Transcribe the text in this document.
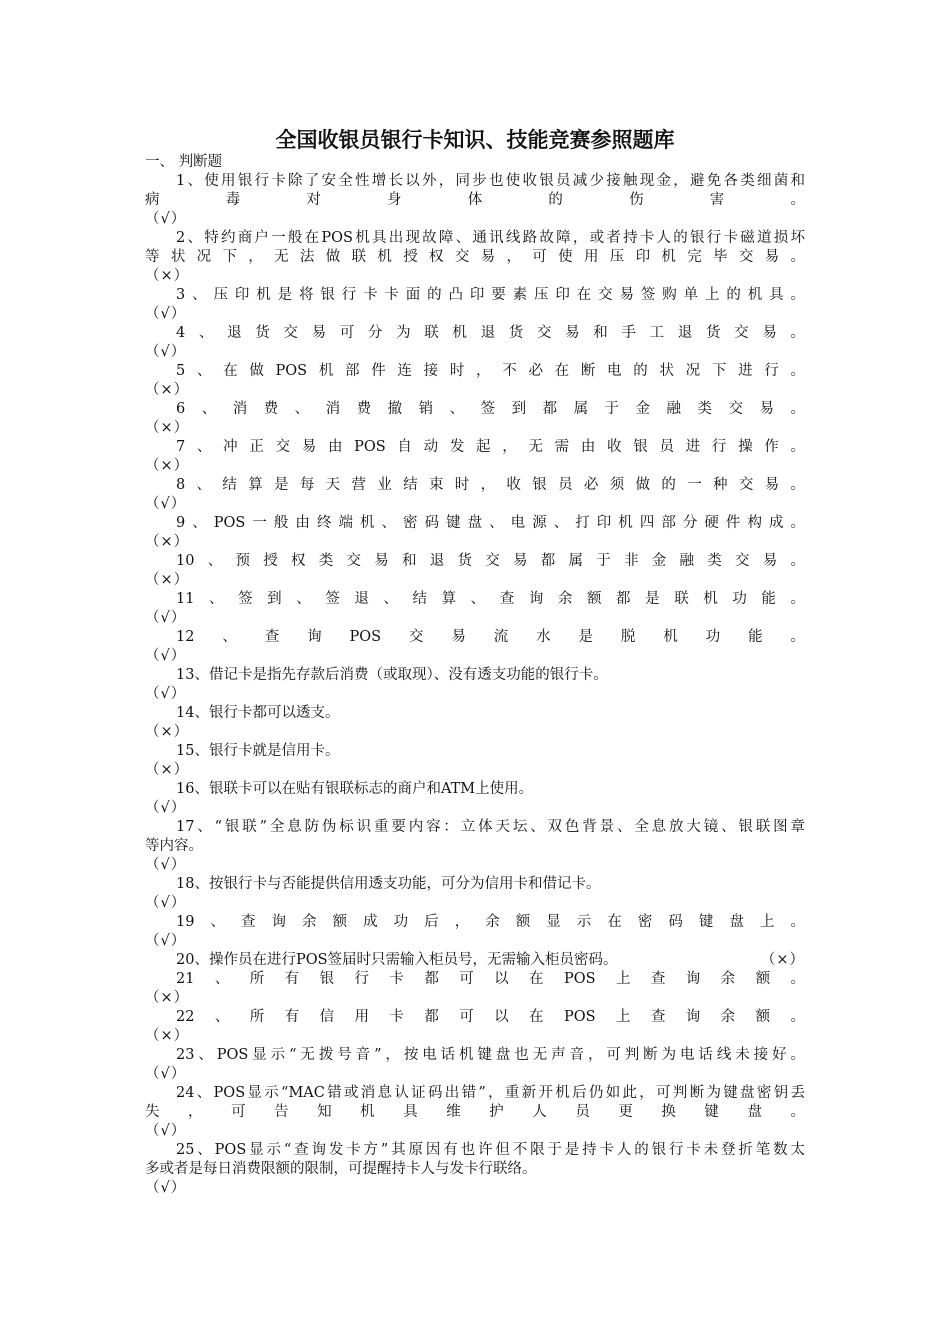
全国收银员银行卡知识、技能竞赛参照题库
一、 判断题
1、使用银行卡除了安全性增长以外，同步也使收银员减少接触现金，避免各类细菌和
病 毒 对 身 体 的 伤 害 。
（√）
2、特约商户一般在POS机具出现故障、通讯线路故障，或者持卡人的银行卡磁道损坏
等状况下，无法做联机授权交易，可使用压印机完毕交易。
（×）
3、压印机是将银行卡卡面的凸印要素压印在交易签购单上的机具。
（√）
4、退货交易可分为联机退货交易和手工退货交易。
（√）
5、在做POS机部件连接时，不必在断电的状况下进行。
（×）
6、消费、消费撤销、签到都属于金融类交易。
（×）
7、冲正交易由POS自动发起，无需由收银员进行操作。
（×）
8、结算是每天营业结束时，收银员必须做的一种交易。
（√）
9、POS一般由终端机、密码键盘、电源、打印机四部分硬件构成。
（×）
10、预授权类交易和退货交易都属于非金融类交易。
（×）
11、签到、签退、结算、查询余额都是联机功能。
（√）
12、查询POS交易流水是脱机功能。
（√）
13、借记卡是指先存款后消费（或取现）、没有透支功能的银行卡。
（√）
14、银行卡都可以透支。
（×）
15、银行卡就是信用卡。
（×）
16、银联卡可以在贴有银联标志的商户和ATM上使用。
（√）
17、“银联”全息防伪标识重要内容：立体天坛、双色背景、全息放大镜、银联图章
等内容。
（√）
18、按银行卡与否能提供信用透支功能，可分为信用卡和借记卡。
（√）
19、查询余额成功后，余额显示在密码键盘上。
（√）
20、操作员在进行POS签届时只需输入柜员号，无需输入柜员密码。	（×）
21、所有银行卡都可以在POS上查询余额。
（×）
22、所有信用卡都可以在POS上查询余额。
（×）
23、POS显示“无拨号音”，按电话机键盘也无声音，可判断为电话线未接好。
（√）
24、POS显示“MAC错或消息认证码出错”，重新开机后仍如此，可判断为键盘密钥丢
失，可告知机具维护人员更换键盘。
（√）
25、POS显示“查询发卡方”其原因有也许但不限于是持卡人的银行卡未登折笔数太
多或者是每日消费限额的限制，可提醒持卡人与发卡行联络。
（√）
